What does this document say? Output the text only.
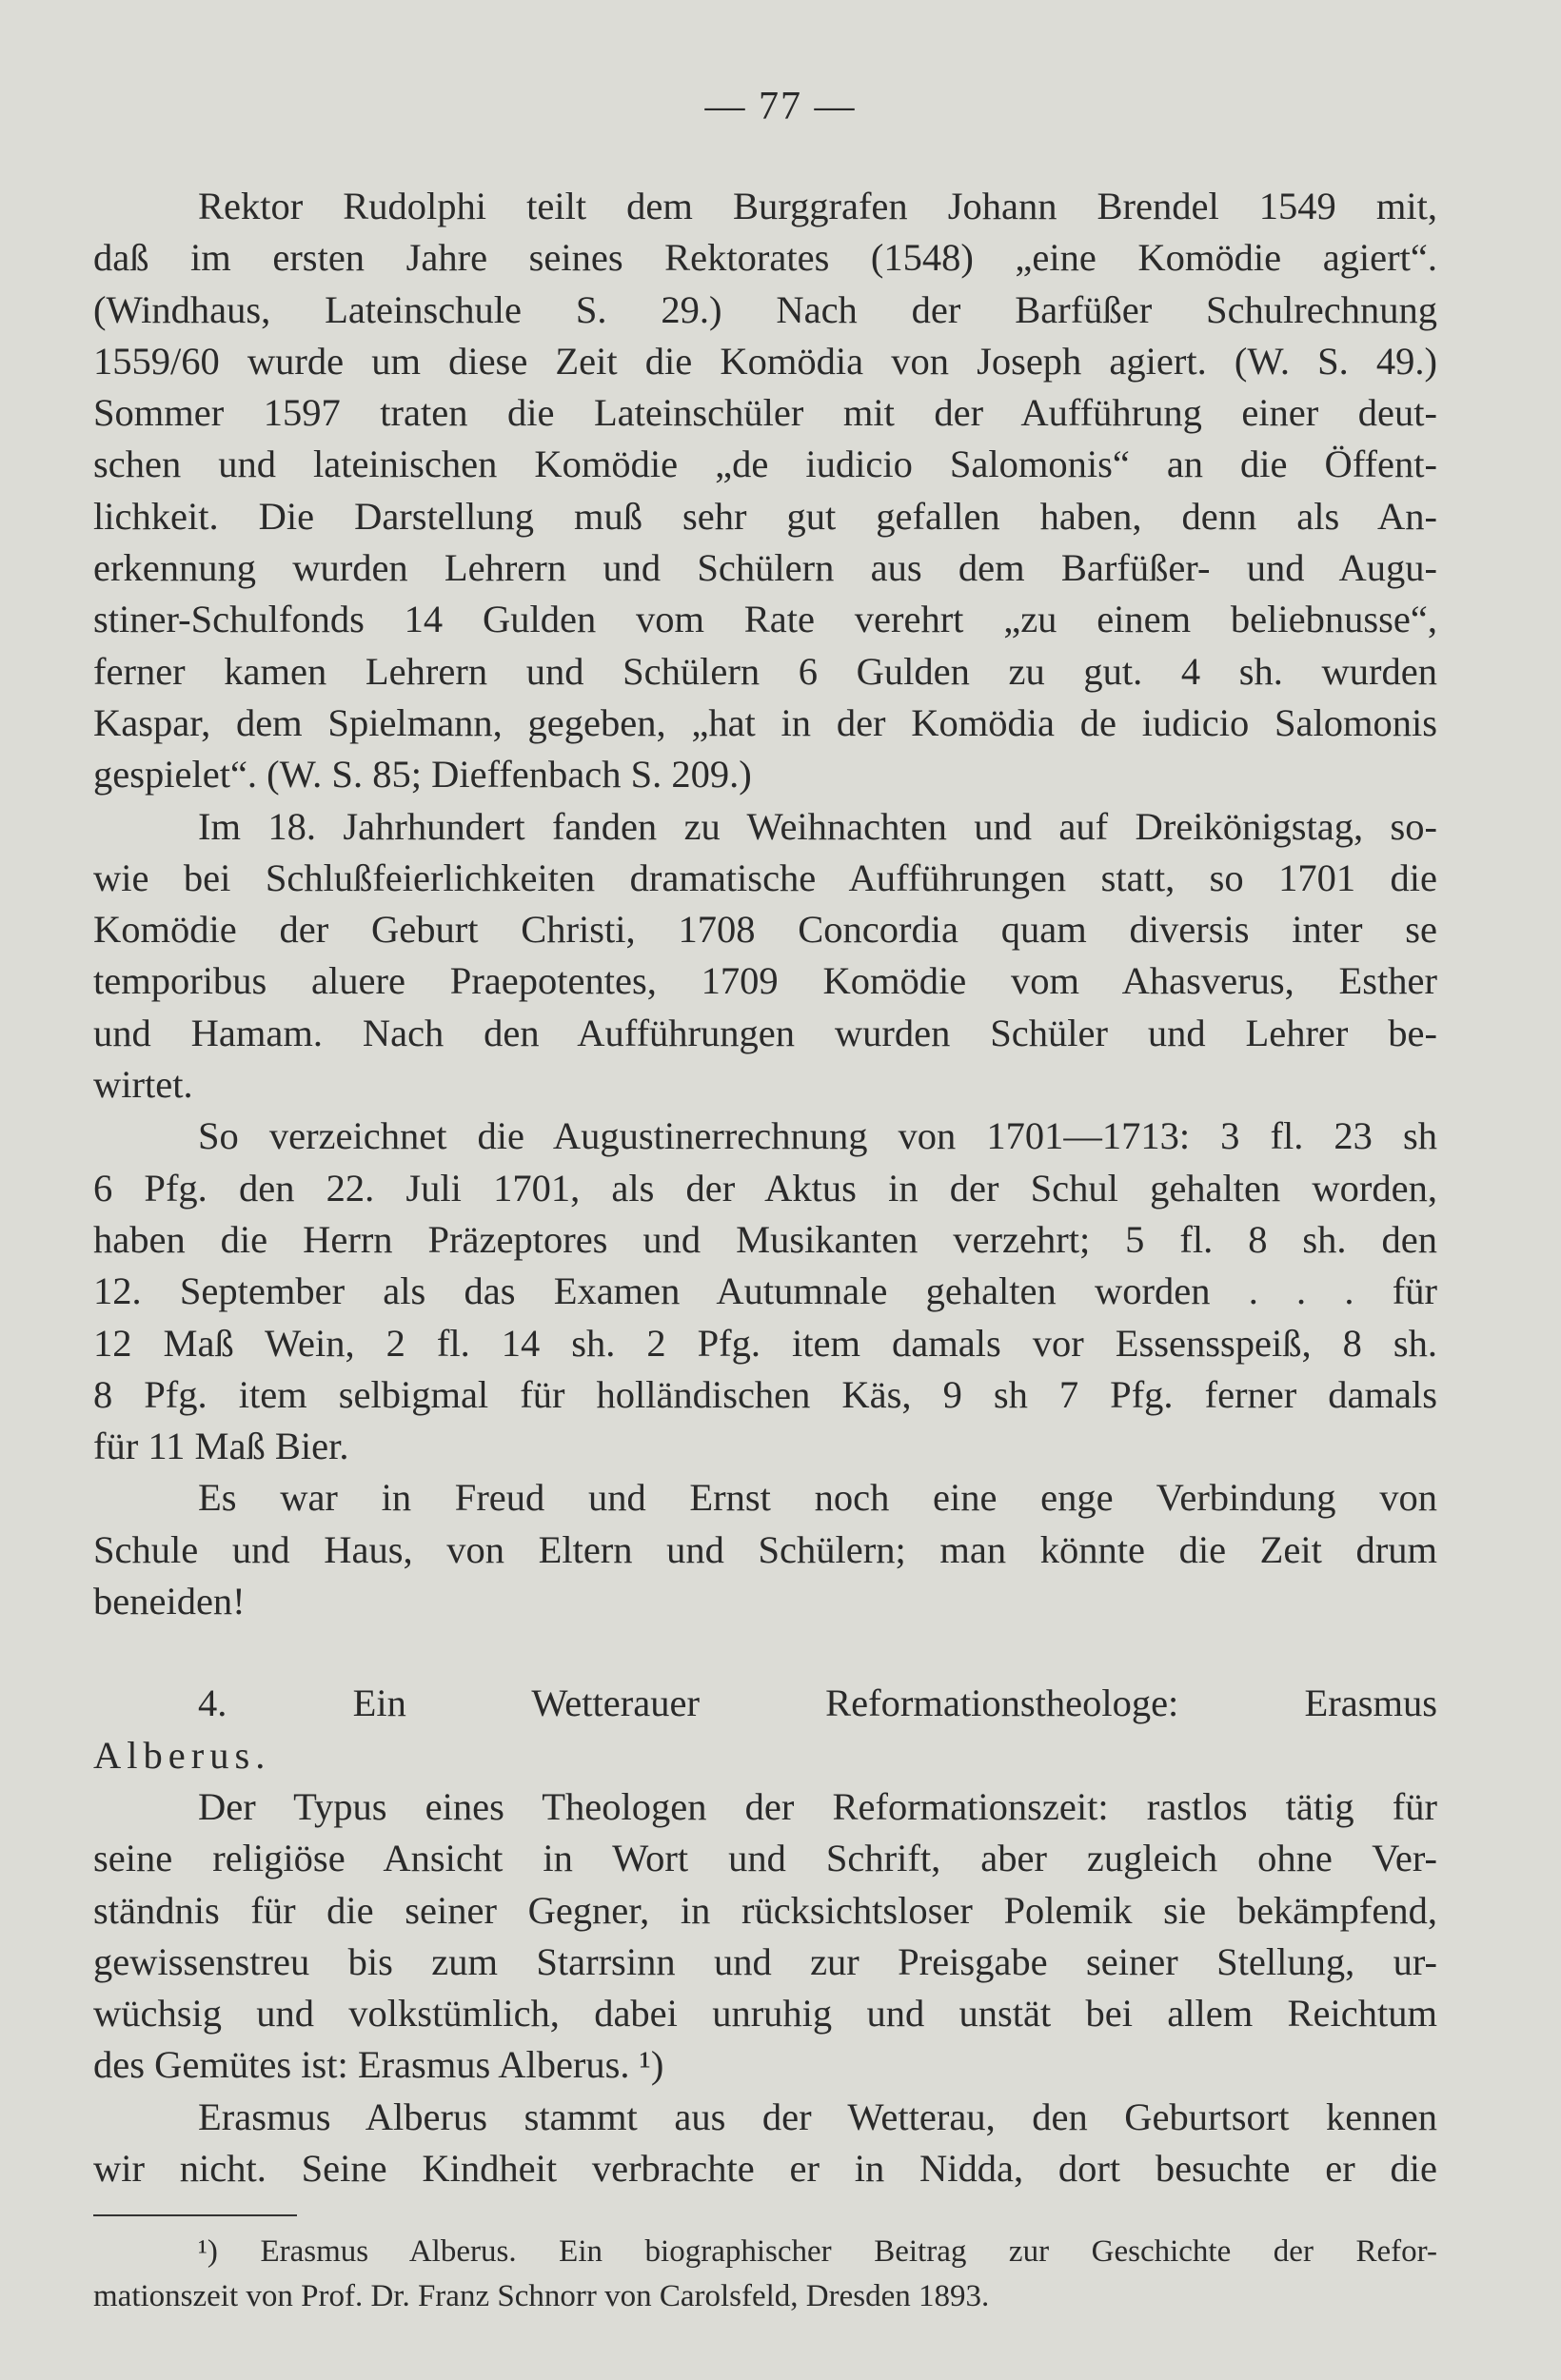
— 77 —

Rektor Rudolphi teilt dem Burggrafen Johann Brendel 1549 mit,

daß im ersten Jahre seines Rektorates (1548) „eine Komödie agiert“.

(Windhaus, Lateinschule S. 29.) Nach der Barfüßer Schulrechnung

1559/60 wurde um diese Zeit die Komödia von Joseph agiert. (W. S. 49.)

Sommer 1597 traten die Lateinschüler mit der Aufführung einer deut-

schen und lateinischen Komödie „de iudicio Salomonis“ an die Öffent-

lichkeit. Die Darstellung muß sehr gut gefallen haben, denn als An-

erkennung wurden Lehrern und Schülern aus dem Barfüßer- und Augu-

stiner-Schulfonds 14 Gulden vom Rate verehrt „zu einem beliebnusse“,

ferner kamen Lehrern und Schülern 6 Gulden zu gut. 4 sh. wurden

Kaspar, dem Spielmann, gegeben, „hat in der Komödia de iudicio Salomonis

gespielet“. (W. S. 85; Dieffenbach S. 209.)

Im 18. Jahrhundert fanden zu Weihnachten und auf Dreikönigstag, so-

wie bei Schlußfeierlichkeiten dramatische Aufführungen statt, so 1701 die

Komödie der Geburt Christi, 1708 Concordia quam diversis inter se

temporibus aluere Praepotentes, 1709 Komödie vom Ahasverus, Esther

und Hamam. Nach den Aufführungen wurden Schüler und Lehrer be-

wirtet.

So verzeichnet die Augustinerrechnung von 1701—1713: 3 fl. 23 sh

6 Pfg. den 22. Juli 1701, als der Aktus in der Schul gehalten worden,

haben die Herrn Präzeptores und Musikanten verzehrt; 5 fl. 8 sh. den

12. September als das Examen Autumnale gehalten worden . . . für

12 Maß Wein, 2 fl. 14 sh. 2 Pfg. item damals vor Essensspeiß, 8 sh.

8 Pfg. item selbigmal für holländischen Käs, 9 sh 7 Pfg. ferner damals

für 11 Maß Bier.

Es war in Freud und Ernst noch eine enge Verbindung von

Schule und Haus, von Eltern und Schülern; man könnte die Zeit drum

beneiden!

4. Ein Wetterauer Reformationstheologe: Erasmus

Alberus.

Der Typus eines Theologen der Reformationszeit: rastlos tätig für

seine religiöse Ansicht in Wort und Schrift, aber zugleich ohne Ver-

ständnis für die seiner Gegner, in rücksichtsloser Polemik sie bekämpfend,

gewissenstreu bis zum Starrsinn und zur Preisgabe seiner Stellung, ur-

wüchsig und volkstümlich, dabei unruhig und unstät bei allem Reichtum

des Gemütes ist: Erasmus Alberus. ¹)

Erasmus Alberus stammt aus der Wetterau, den Geburtsort kennen

wir nicht. Seine Kindheit verbrachte er in Nidda, dort besuchte er die

¹) Erasmus Alberus. Ein biographischer Beitrag zur Geschichte der Refor-

mationszeit von Prof. Dr. Franz Schnorr von Carolsfeld, Dresden 1893.
